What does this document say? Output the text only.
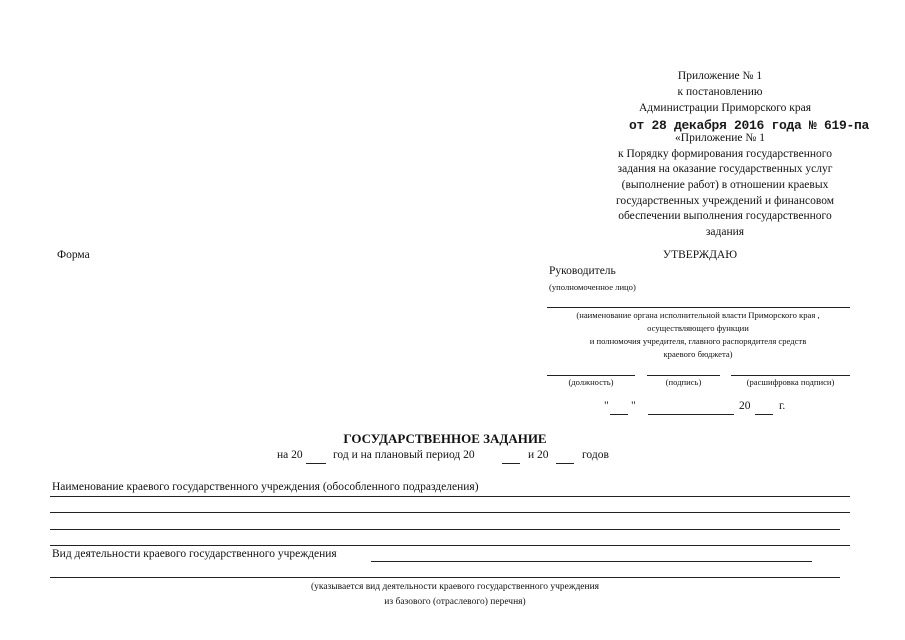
Приложение № 1
к постановлению
Администрации Приморского края
от 28 декабря 2016 года № 619-па
«Приложение № 1
к Порядку формирования государственного
задания на оказание государственных услуг
(выполнение работ) в отношении краевых
государственных учреждений и финансовом
обеспечении выполнения государственного
задания
Форма	УТВЕРЖДАЮ
Руководитель
(уполномоченное лицо)
(наименование органа исполнительной власти Приморского края ,
осуществляющего функции
и полномочия учредителя, главного распорядителя средств
краевого бюджета)
(должность)	(подпись)	(расшифровка подписи)
" "	20 г.
ГОСУДАРСТВЕННОЕ ЗАДАНИЕ
на 20	год и на плановый период 20	и 20	годов
Наименование краевого государственного учреждения (обособленного подразделения)
Вид деятельности краевого государственного учреждения
(указывается вид деятельности краевого государственного учреждения
из базового (отраслевого) перечня)
